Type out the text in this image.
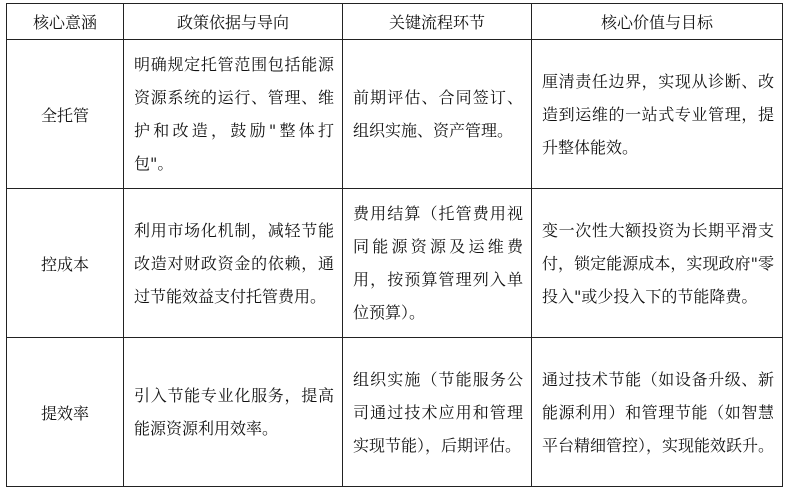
核心意涵	政策依据与导向	关键流程环节	核心价值与目标
全托管	明确规定托管范围包括能源资源系统的运行、管理、维护和改造，鼓励"整体打包"。	前期评估、合同签订、组织实施、资产管理。	厘清责任边界，实现从诊断、改造到运维的一站式专业管理，提升整体能效。
控成本	利用市场化机制，减轻节能改造对财政资金的依赖，通过节能效益支付托管费用。	费用结算（托管费用视同能源资源及运维费用，按预算管理列入单位预算）。	变一次性大额投资为长期平滑支付，锁定能源成本，实现政府"零投入"或少投入下的节能降费。
提效率	引入节能专业化服务，提高能源资源利用效率。	组织实施（节能服务公司通过技术应用和管理实现节能），后期评估。	通过技术节能（如设备升级、新能源利用）和管理节能（如智慧平台精细管控），实现能效跃升。
